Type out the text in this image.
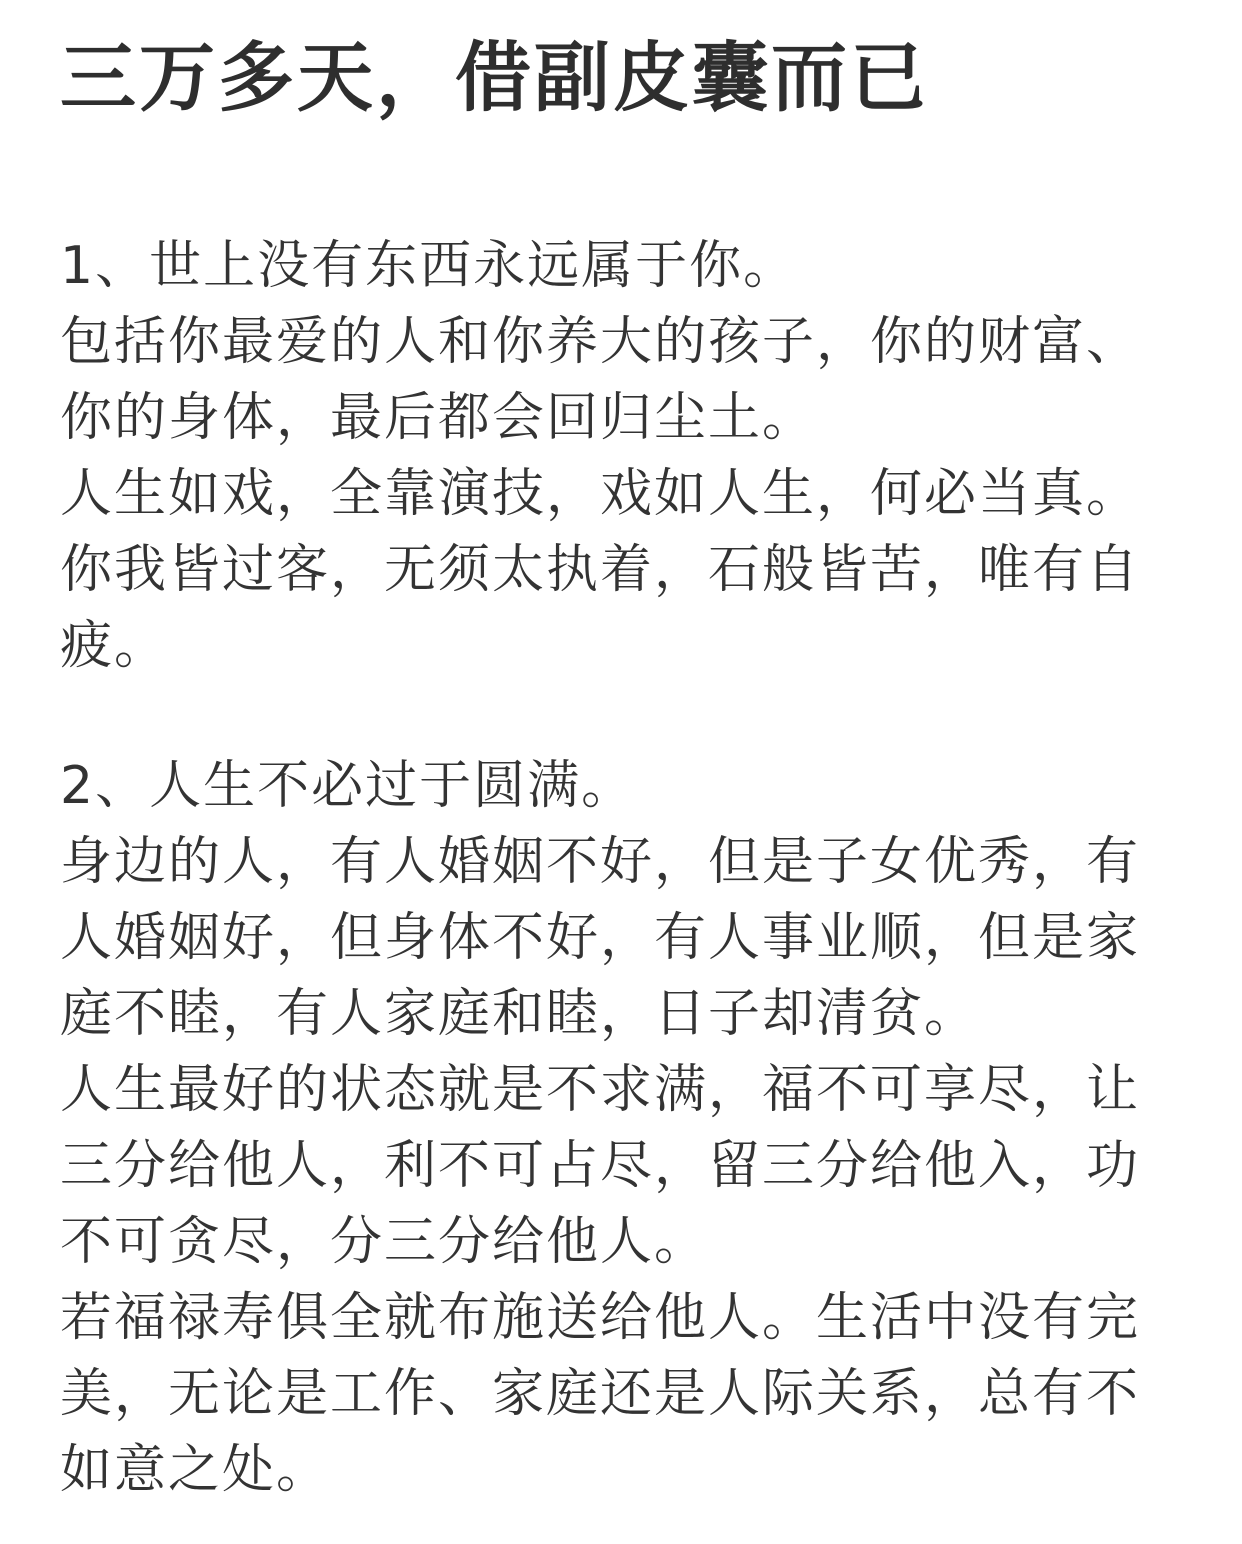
三万多天，借副皮囊而已

1、世上没有东西永远属于你。

包括你最爱的人和你养大的孩子，你的财富、

你的身体，最后都会回归尘土。

人生如戏，全靠演技，戏如人生，何必当真。

你我皆过客，无须太执着，石般皆苦，唯有自

疲。

2、人生不必过于圆满。

身边的人，有人婚姻不好，但是子女优秀，有

人婚姻好，但身体不好，有人事业顺，但是家

庭不睦，有人家庭和睦，日子却清贫。

人生最好的状态就是不求满，福不可享尽，让

三分给他人，利不可占尽，留三分给他入，功

不可贪尽，分三分给他人。

若福禄寿俱全就布施送给他人。生活中没有完

美，无论是工作、家庭还是人际关系，总有不

如意之处。
